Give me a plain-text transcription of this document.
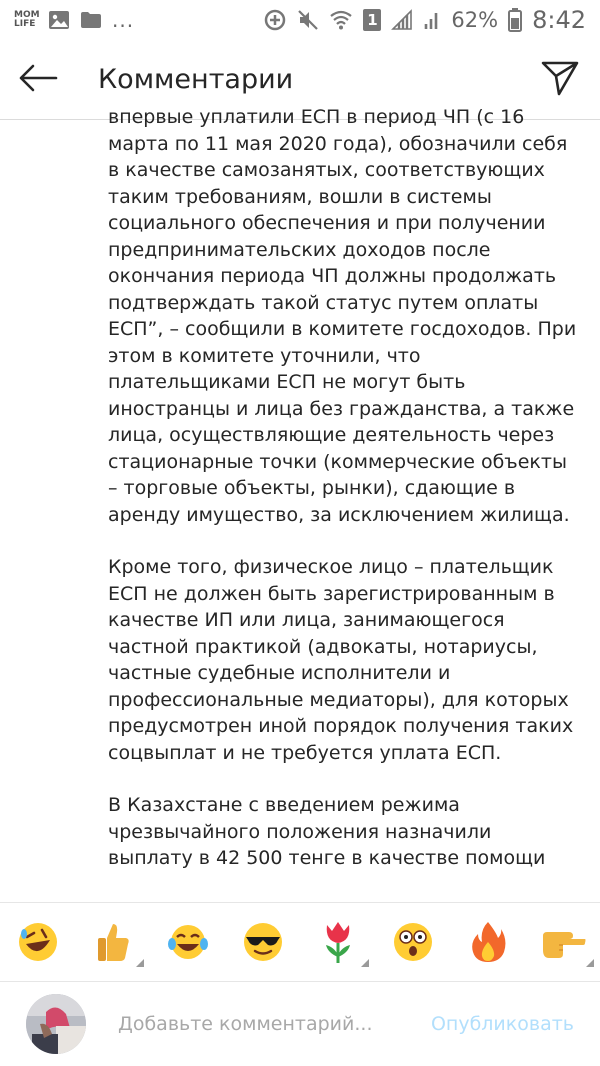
MOM LIFE	...	1	62% 8:42
Комментарии

впервые уплатили ЕСП в период ЧП (с 16 марта по 11 мая 2020 года), обозначили себя в качестве самозанятых, соответствующих таким требованиям, вошли в системы социального обеспечения и при получении предпринимательских доходов после окончания периода ЧП должны продолжать подтверждать такой статус путем оплаты ЕСП”, – сообщили в комитете госдоходов. При этом в комитете уточнили, что плательщиками ЕСП не могут быть иностранцы и лица без гражданства, а также лица, осуществляющие деятельность через стационарные точки (коммерческие объекты – торговые объекты, рынки), сдающие в аренду имущество, за исключением жилища.

Кроме того, физическое лицо – плательщик ЕСП не должен быть зарегистрированным в качестве ИП или лица, занимающегося частной практикой (адвокаты, нотариусы, частные судебные исполнители и профессиональные медиаторы), для которых предусмотрен иной порядок получения таких соцвыплат и не требуется уплата ЕСП.

В Казахстане с введением режима чрезвычайного положения назначили выплату в 42 500 тенге в качестве помощи

Добавьте комментарий...
Опубликовать
